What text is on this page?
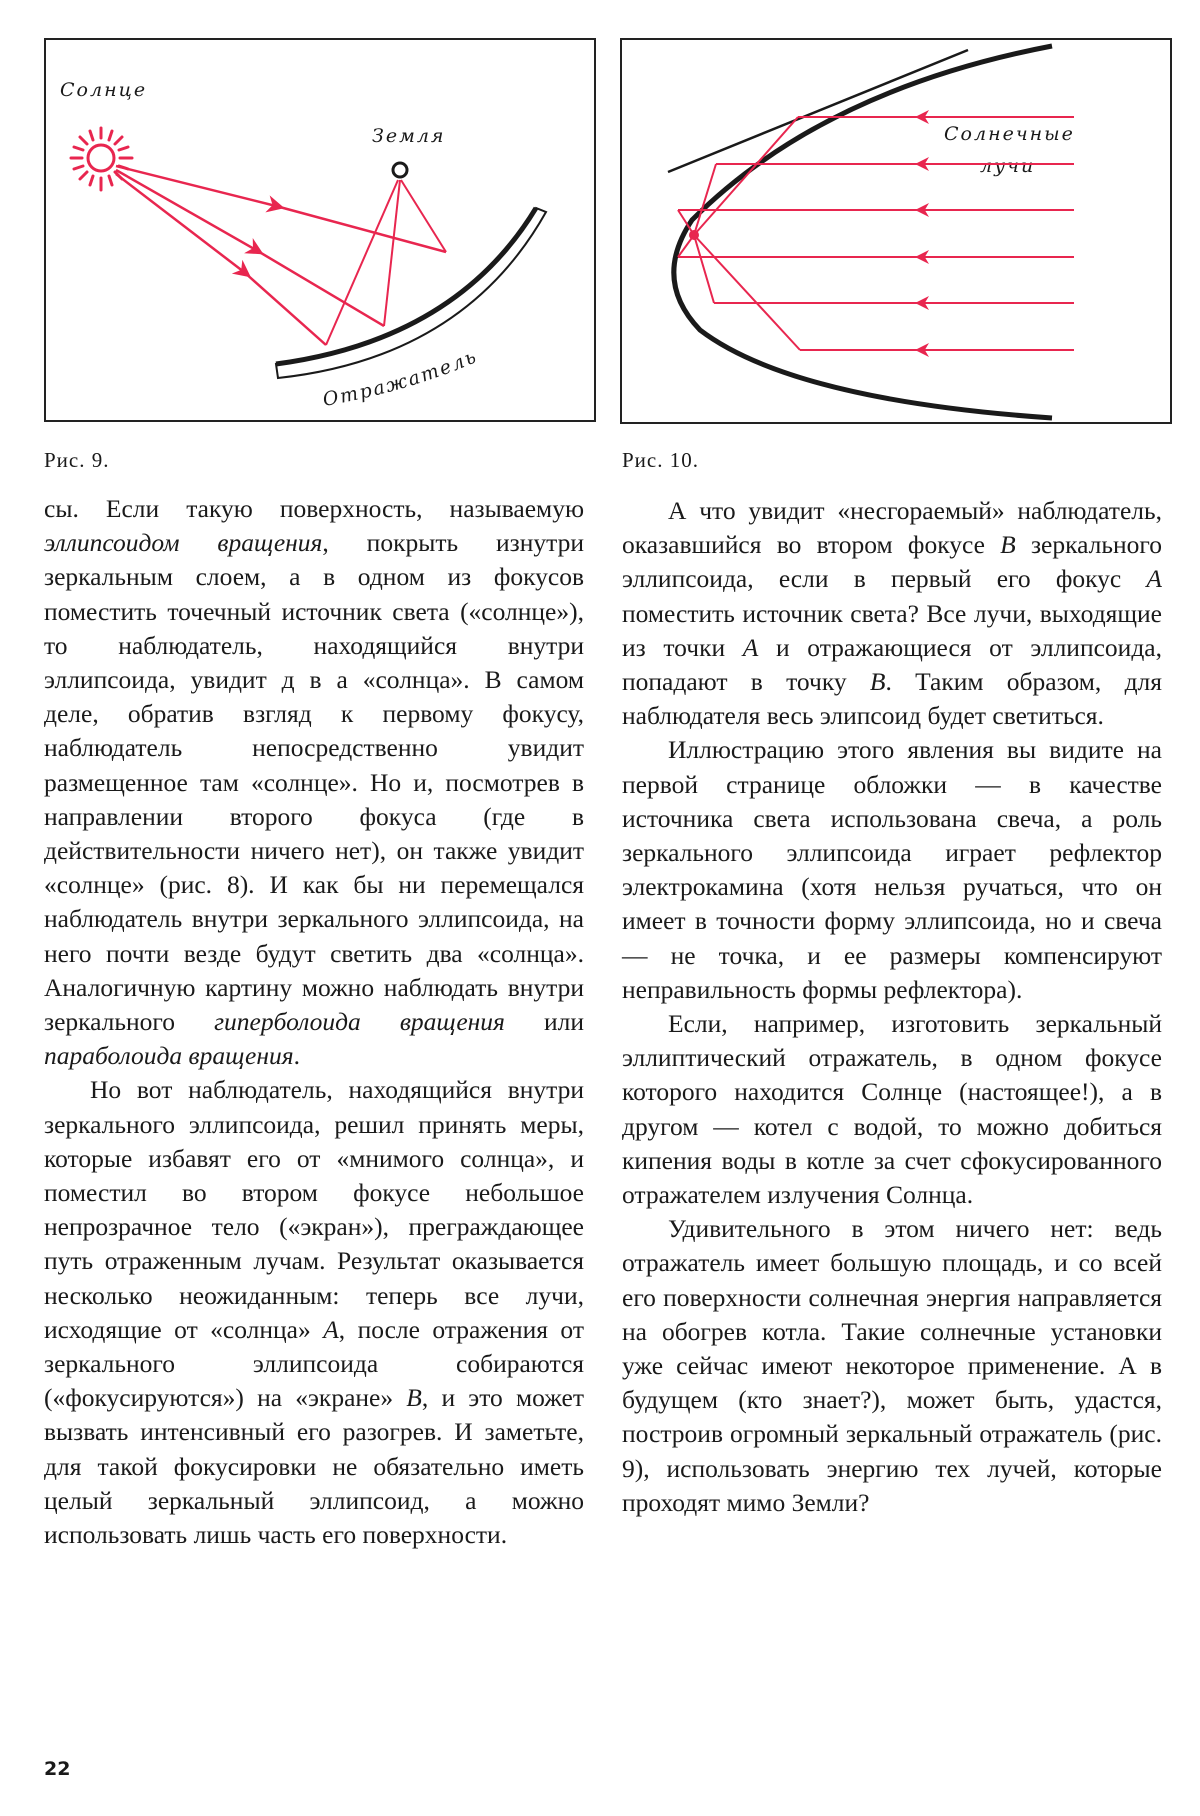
Солнце
Земля
Отражатель
Рис. 9.
Солнечные
лучи
Рис. 10.

сы. Если такую поверхность, называемую эллипсоидом вращения, покрыть изнутри зеркальным слоем, а в одном из фокусов поместить точечный источник света («солнце»), то наблюдатель, находящийся внутри эллипсоида, увидит д в а «солнца». В самом деле, обратив взгляд к первому фокусу, наблюдатель непосредственно увидит размещенное там «солнце». Но и, посмотрев в направлении второго фокуса (где в действительности ничего нет), он также увидит «солнце» (рис. 8). И как бы ни перемещался наблюдатель внутри зеркального эллипсоида, на него почти везде будут светить два «солнца». Аналогичную картину можно наблюдать внутри зеркального гиперболоида вращения или параболоида вращения.

Но вот наблюдатель, находящийся внутри зеркального эллипсоида, решил принять меры, которые избавят его от «мнимого солнца», и поместил во втором фокусе небольшое непрозрачное тело («экран»), преграждающее путь отраженным лучам. Результат оказывается несколько неожиданным: теперь все лучи, исходящие от «солнца» A, после отражения от зеркального эллипсоида собираются («фокусируются») на «экране» B, и это может вызвать интенсивный его разогрев. И заметьте, для такой фокусировки не обязательно иметь целый зеркальный эллипсоид, а можно использовать лишь часть его поверхности.

А что увидит «несгораемый» наблюдатель, оказавшийся во втором фокусе B зеркального эллипсоида, если в первый его фокус A поместить источник света? Все лучи, выходящие из точки A и отражающиеся от эллипсоида, попадают в точку B. Таким образом, для наблюдателя весь элипсоид будет светиться.

Иллюстрацию этого явления вы видите на первой странице обложки — в качестве источника света использована свеча, а роль зеркального эллипсоида играет рефлектор электрокамина (хотя нельзя ручаться, что он имеет в точности форму эллипсоида, но и свеча — не точка, и ее размеры компенсируют неправильность формы рефлектора).

Если, например, изготовить зеркальный эллиптический отражатель, в одном фокусе которого находится Солнце (настоящее!), а в другом — котел с водой, то можно добиться кипения воды в котле за счет сфокусированного отражателем излучения Солнца.

Удивительного в этом ничего нет: ведь отражатель имеет большую площадь, и со всей его поверхности солнечная энергия направляется на обогрев котла. Такие солнечные установки уже сейчас имеют некоторое применение. А в будущем (кто знает?), может быть, удастся, построив огромный зеркальный отражатель (рис. 9), использовать энергию тех лучей, которые проходят мимо Земли?

22
